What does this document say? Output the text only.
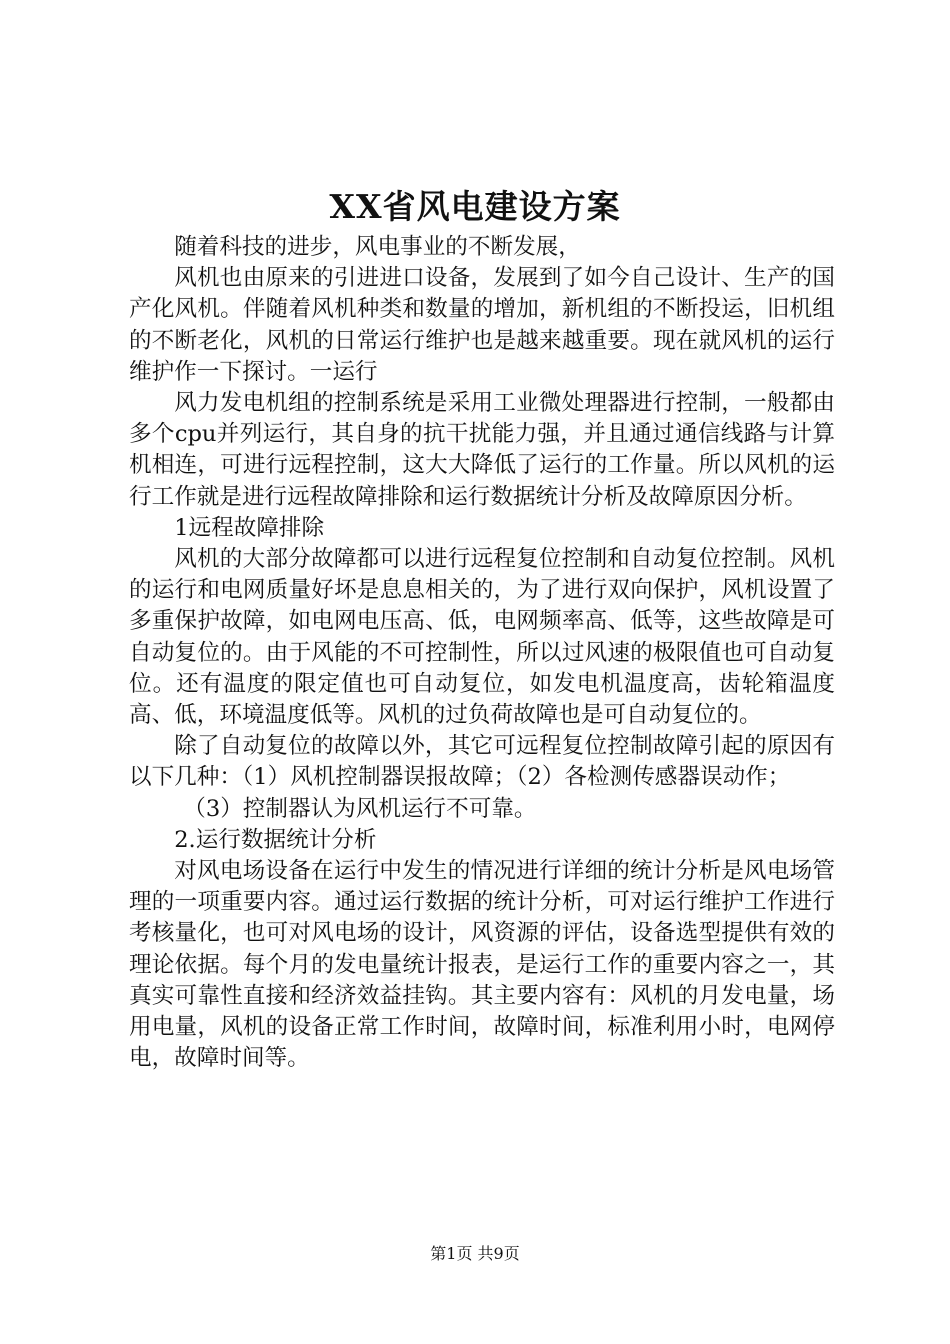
XX省风电建设方案

随着科技的进步，风电事业的不断发展，

风机也由原来的引进进口设备，发展到了如今自己设计、生产的国产化风机。伴随着风机种类和数量的增加，新机组的不断投运，旧机组的不断老化，风机的日常运行维护也是越来越重要。现在就风机的运行维护作一下探讨。一运行

风力发电机组的控制系统是采用工业微处理器进行控制，一般都由多个cpu并列运行，其自身的抗干扰能力强，并且通过通信线路与计算机相连，可进行远程控制，这大大降低了运行的工作量。所以风机的运行工作就是进行远程故障排除和运行数据统计分析及故障原因分析。

1远程故障排除

风机的大部分故障都可以进行远程复位控制和自动复位控制。风机的运行和电网质量好坏是息息相关的，为了进行双向保护，风机设置了多重保护故障，如电网电压高、低，电网频率高、低等，这些故障是可自动复位的。由于风能的不可控制性，所以过风速的极限值也可自动复位。还有温度的限定值也可自动复位，如发电机温度高，齿轮箱温度高、低，环境温度低等。风机的过负荷故障也是可自动复位的。

除了自动复位的故障以外，其它可远程复位控制故障引起的原因有以下几种：（1）风机控制器误报故障；（2）各检测传感器误动作；

（3）控制器认为风机运行不可靠。

2.运行数据统计分析

对风电场设备在运行中发生的情况进行详细的统计分析是风电场管理的一项重要内容。通过运行数据的统计分析，可对运行维护工作进行考核量化，也可对风电场的设计，风资源的评估，设备选型提供有效的理论依据。每个月的发电量统计报表，是运行工作的重要内容之一，其真实可靠性直接和经济效益挂钩。其主要内容有：风机的月发电量，场用电量，风机的设备正常工作时间，故障时间，标准利用小时，电网停电，故障时间等。

第1页 共9页
